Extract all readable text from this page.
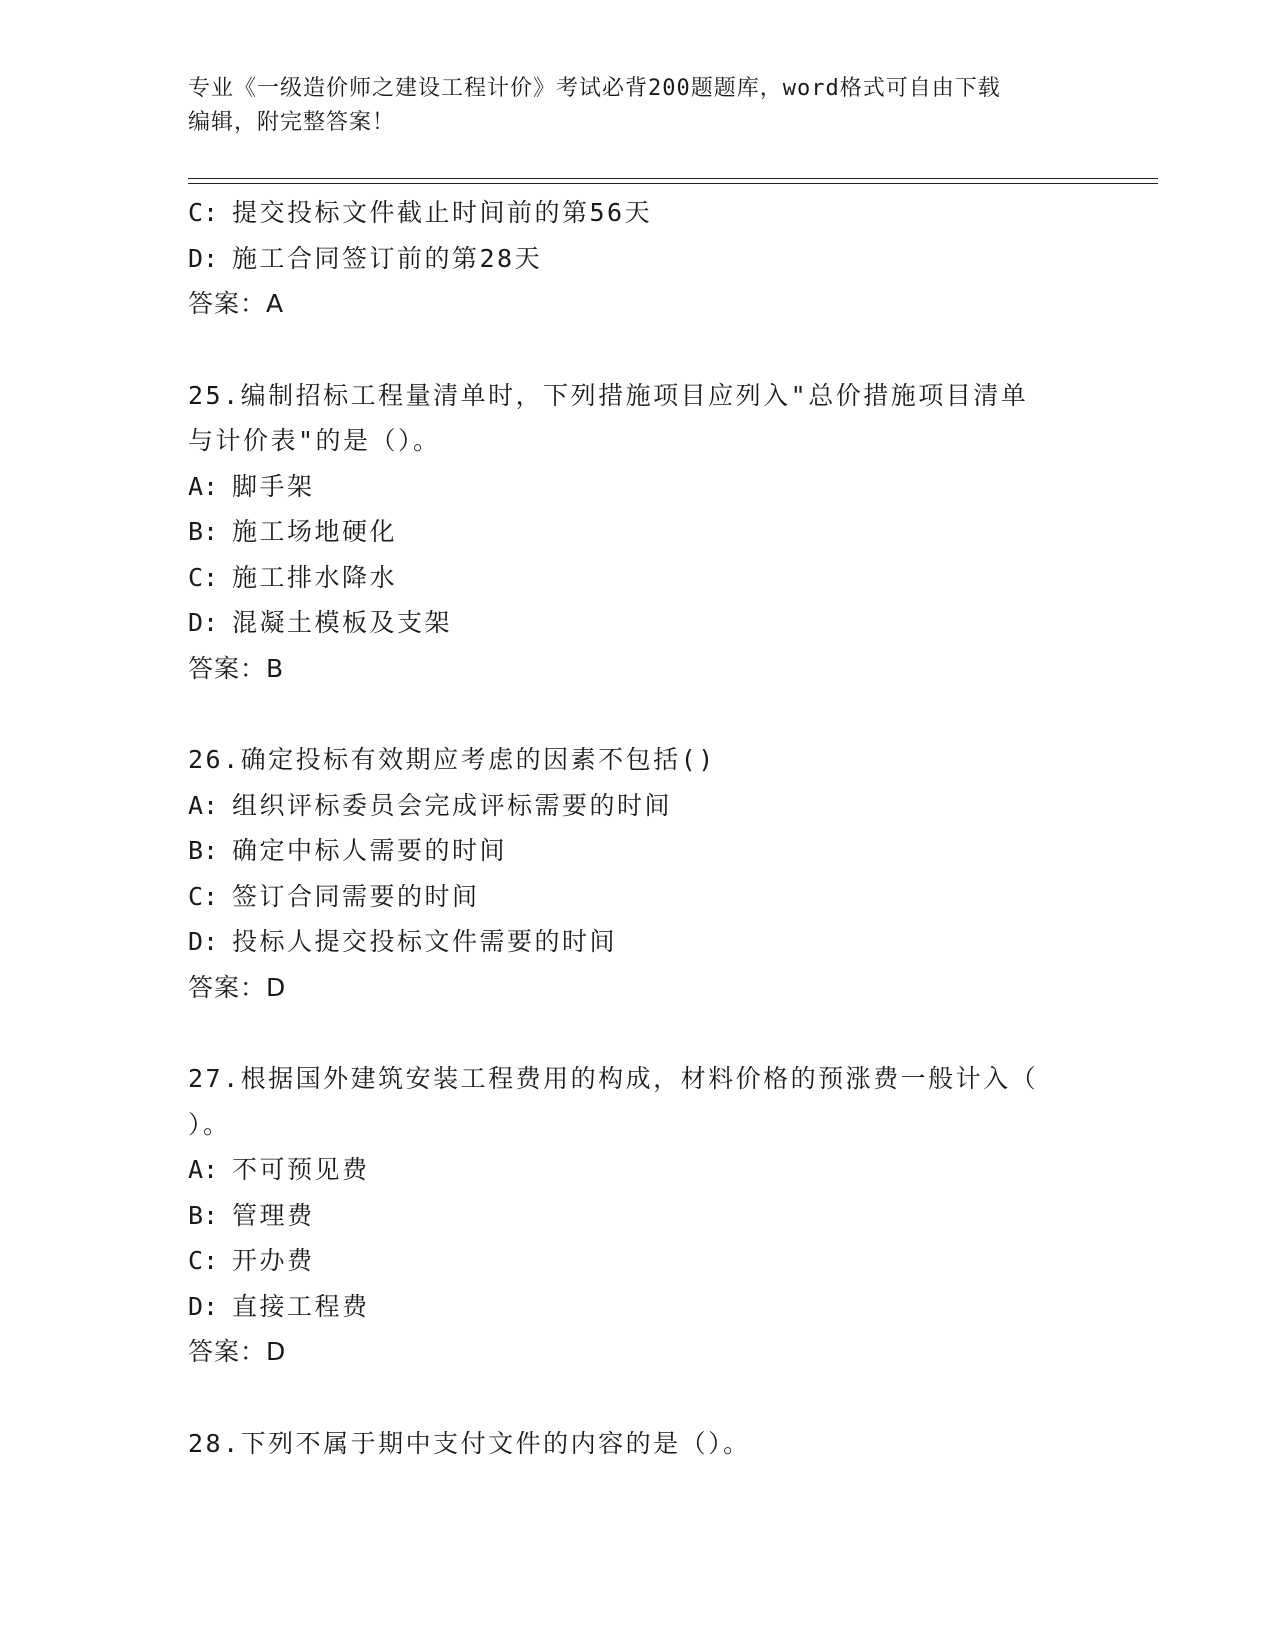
专业《一级造价师之建设工程计价》考试必背200题题库，word格式可自由下载
编辑，附完整答案！
C: 提交投标文件截止时间前的第56天
D: 施工合同签订前的第28天
答案：A
25.编制招标工程量清单时，下列措施项目应列入"总价措施项目清单
与计价表"的是（）。
A: 脚手架
B: 施工场地硬化
C: 施工排水降水
D: 混凝土模板及支架
答案：B
26.确定投标有效期应考虑的因素不包括()
A: 组织评标委员会完成评标需要的时间
B: 确定中标人需要的时间
C: 签订合同需要的时间
D: 投标人提交投标文件需要的时间
答案：D
27.根据国外建筑安装工程费用的构成，材料价格的预涨费一般计入（
）。
A: 不可预见费
B: 管理费
C: 开办费
D: 直接工程费
答案：D
28.下列不属于期中支付文件的内容的是（）。
